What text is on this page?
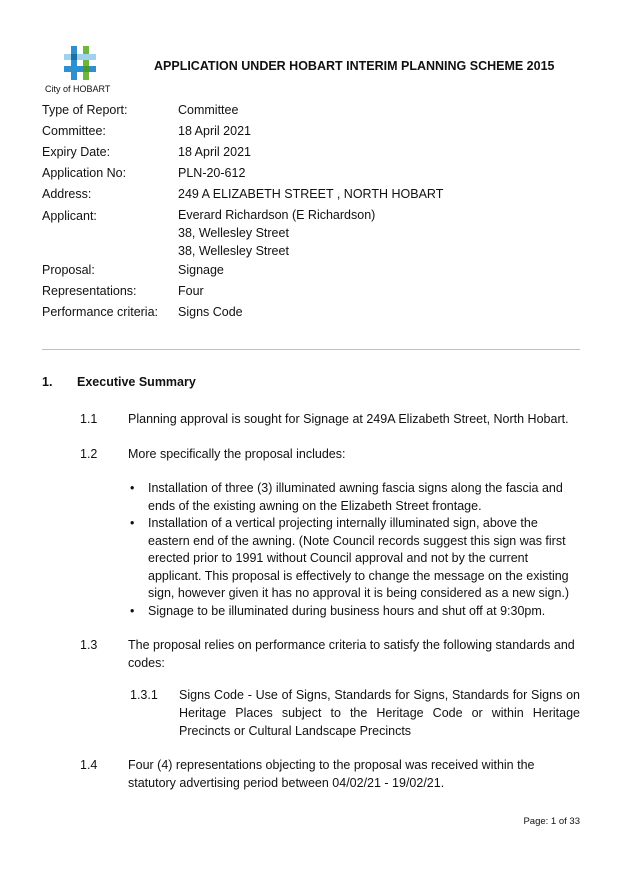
City of HOBART
APPLICATION UNDER HOBART INTERIM PLANNING SCHEME 2015
Type of Report:	Committee
Committee:	18 April 2021
Expiry Date:	18 April 2021
Application No:	PLN-20-612
Address:	249 A ELIZABETH STREET , NORTH HOBART
Applicant:	Everard Richardson (E Richardson)
38, Wellesley Street
38, Wellesley Street
Proposal:	Signage
Representations:	Four
Performance criteria:	Signs Code
1. Executive Summary
1.1	Planning approval is sought for Signage at 249A Elizabeth Street, North Hobart.
1.2	More specifically the proposal includes:
• Installation of three (3) illuminated awning fascia signs along the fascia and ends of the existing awning on the Elizabeth Street frontage.
• Installation of a vertical projecting internally illuminated sign, above the eastern end of the awning. (Note Council records suggest this sign was first erected prior to 1991 without Council approval and not by the current applicant. This proposal is effectively to change the message on the existing sign, however given it has no approval it is being considered as a new sign.)
• Signage to be illuminated during business hours and shut off at 9:30pm.
1.3	The proposal relies on performance criteria to satisfy the following standards and codes:
1.3.1 Signs Code - Use of Signs, Standards for Signs, Standards for Signs on Heritage Places subject to the Heritage Code or within Heritage Precincts or Cultural Landscape Precincts
1.4	Four (4) representations objecting to the proposal was received within the statutory advertising period between 04/02/21 - 19/02/21.
Page: 1 of 33
